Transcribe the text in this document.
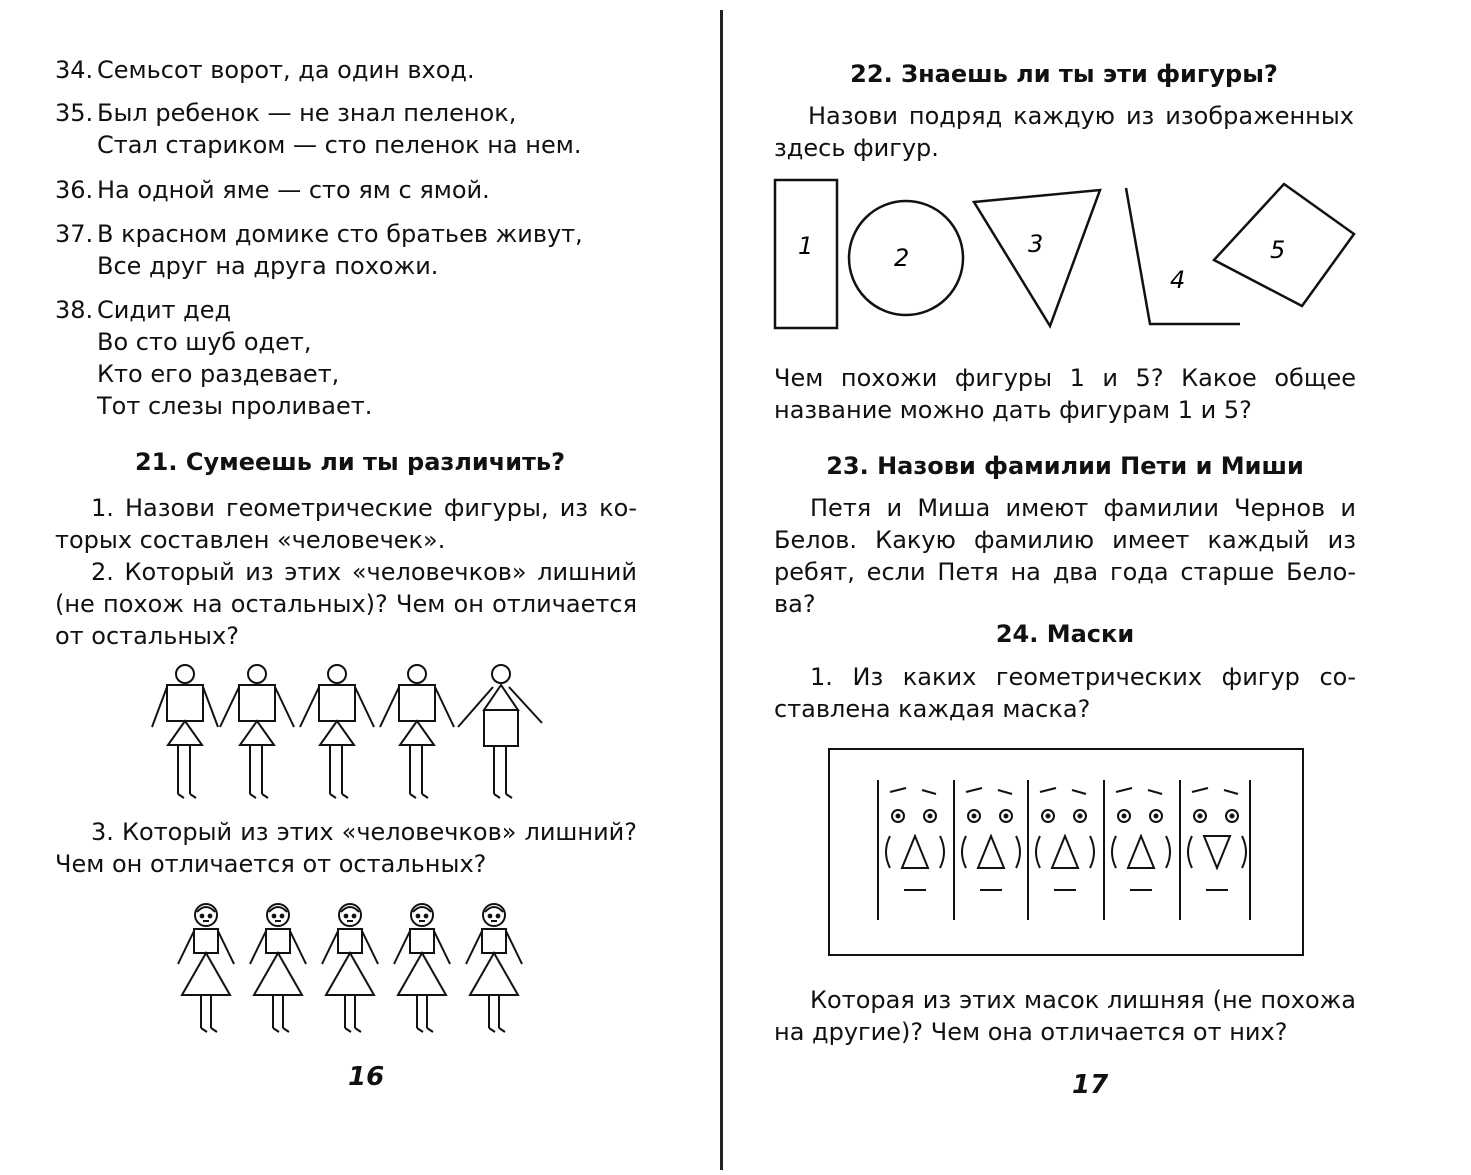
34. Семьсот ворот, да один вход.

35. Был ребенок — не знал пеленок,

Стал стариком — сто пеленок на нем.

36. На одной яме — сто ям с ямой.

37. В красном домике сто братьев живут,

Все друг на друга похожи.

38. Сидит дед

Во сто шуб одет,

Кто его раздевает,

Тот слезы проливает.

21. Сумеешь ли ты различить?

1. Назови геометрические фигуры, из которых составлен «человечек».

2. Который из этих «человечков» лишний (не похож на остальных)? Чем он отличается от остальных?

3. Который из этих «человечков» лишний? Чем он отличается от остальных?

16

22. Знаешь ли ты эти фигуры?

Назови подряд каждую из изображенных здесь фигур.

1	2	3
4
5

Чем похожи фигуры 1 и 5? Какое общее название можно дать фигурам 1 и 5?

23. Назови фамилии Пети и Миши

Петя и Миша имеют фамилии Чернов и Белов. Какую фамилию имеет каждый из ребят, если Петя на два года старше Белова?

24. Маски

1. Из каких геометрических фигур составлена каждая маска?

Которая из этих масок лишняя (не похожа на другие)? Чем она отличается от них?

17
